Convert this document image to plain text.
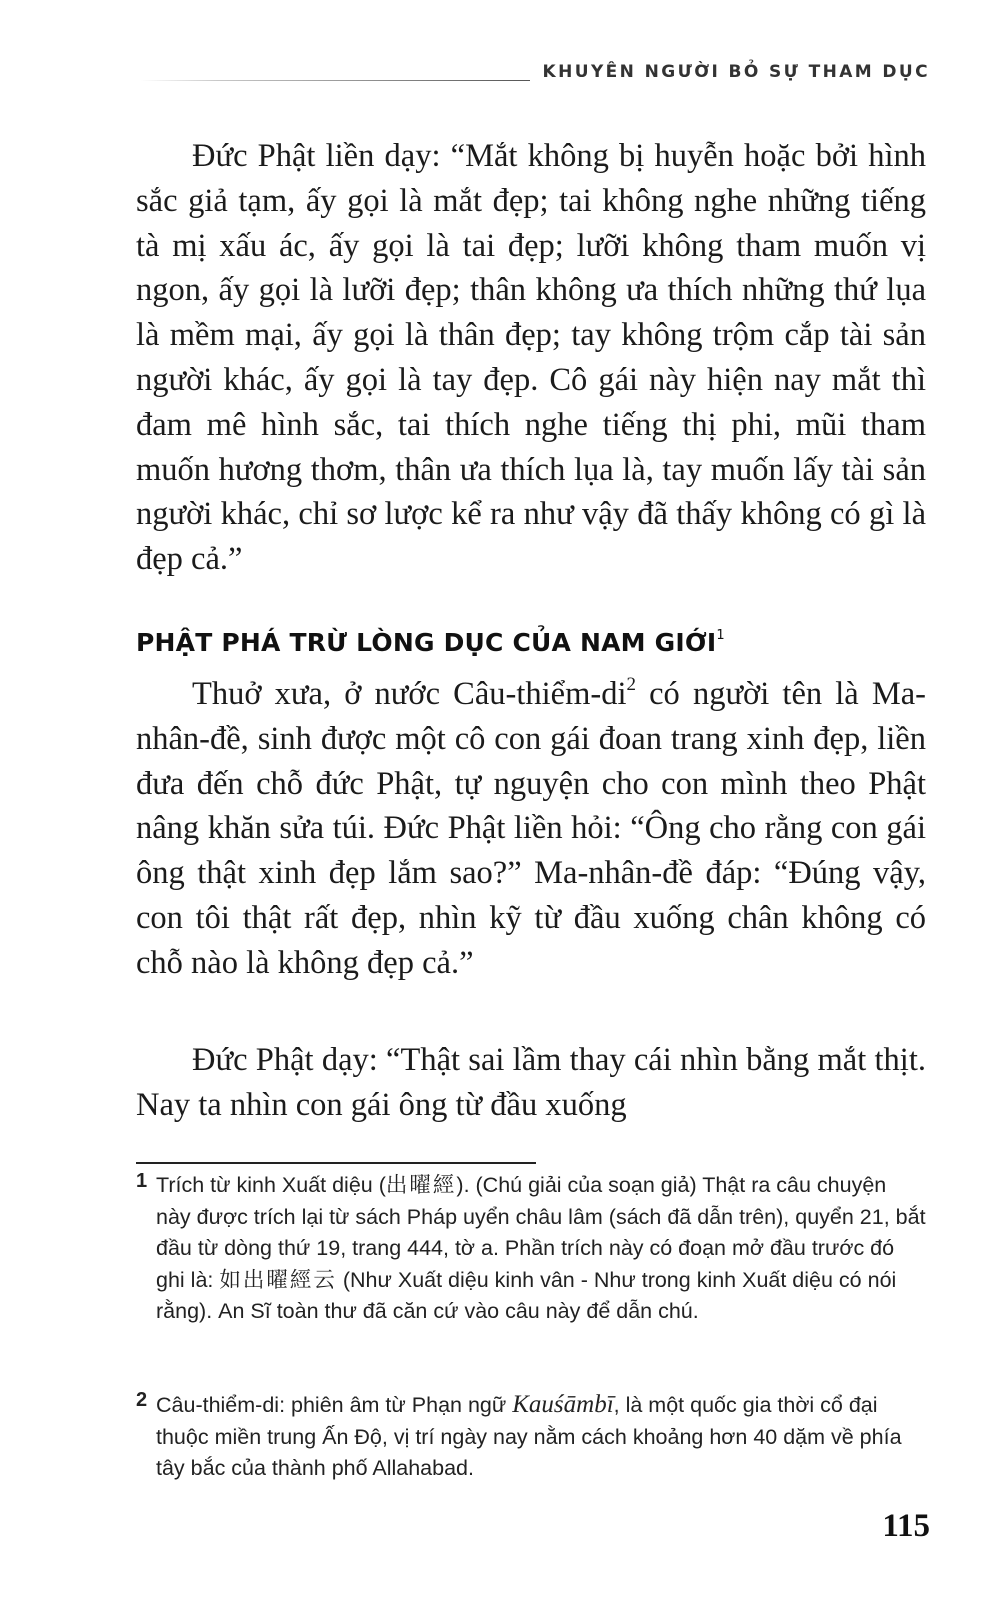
KHUYÊN NGƯỜI BỎ SỰ THAM DỤC

Đức Phật liền dạy: “Mắt không bị huyễn hoặc bởi hình sắc giả tạm, ấy gọi là mắt đẹp; tai không nghe những tiếng tà mị xấu ác, ấy gọi là tai đẹp; lưỡi không tham muốn vị ngon, ấy gọi là lưỡi đẹp; thân không ưa thích những thứ lụa là mềm mại, ấy gọi là thân đẹp; tay không trộm cắp tài sản người khác, ấy gọi là tay đẹp. Cô gái này hiện nay mắt thì đam mê hình sắc, tai thích nghe tiếng thị phi, mũi tham muốn hương thơm, thân ưa thích lụa là, tay muốn lấy tài sản người khác, chỉ sơ lược kể ra như vậy đã thấy không có gì là đẹp cả.”

PHẬT PHÁ TRỪ LÒNG DỤC CỦA NAM GIỚI$^1$

Thuở xưa, ở nước Câu-thiểm-di$^2$ có người tên là Ma-nhân-đề, sinh được một cô con gái đoan trang xinh đẹp, liền đưa đến chỗ đức Phật, tự nguyện cho con mình theo Phật nâng khăn sửa túi. Đức Phật liền hỏi: “Ông cho rằng con gái ông thật xinh đẹp lắm sao?” Ma-nhân-đề đáp: “Đúng vậy, con tôi thật rất đẹp, nhìn kỹ từ đầu xuống chân không có chỗ nào là không đẹp cả.”

Đức Phật dạy: “Thật sai lầm thay cái nhìn bằng mắt thịt. Nay ta nhìn con gái ông từ đầu xuống

1 Trích từ kinh Xuất diệu (出曜經). (Chú giải của soạn giả) Thật ra câu chuyện này được trích lại từ sách Pháp uyển châu lâm (sách đã dẫn trên), quyển 21, bắt đầu từ dòng thứ 19, trang 444, tờ a. Phần trích này có đoạn mở đầu trước đó ghi là: 如出曜經云 (Như Xuất diệu kinh vân - Như trong kinh Xuất diệu có nói rằng). An Sĩ toàn thư đã căn cứ vào câu này để dẫn chú.
2 Câu-thiểm-di: phiên âm từ Phạn ngữ Kauśāmbī, là một quốc gia thời cổ đại thuộc miền trung Ấn Độ, vị trí ngày nay nằm cách khoảng hơn 40 dặm về phía tây bắc của thành phố Allahabad.
115
